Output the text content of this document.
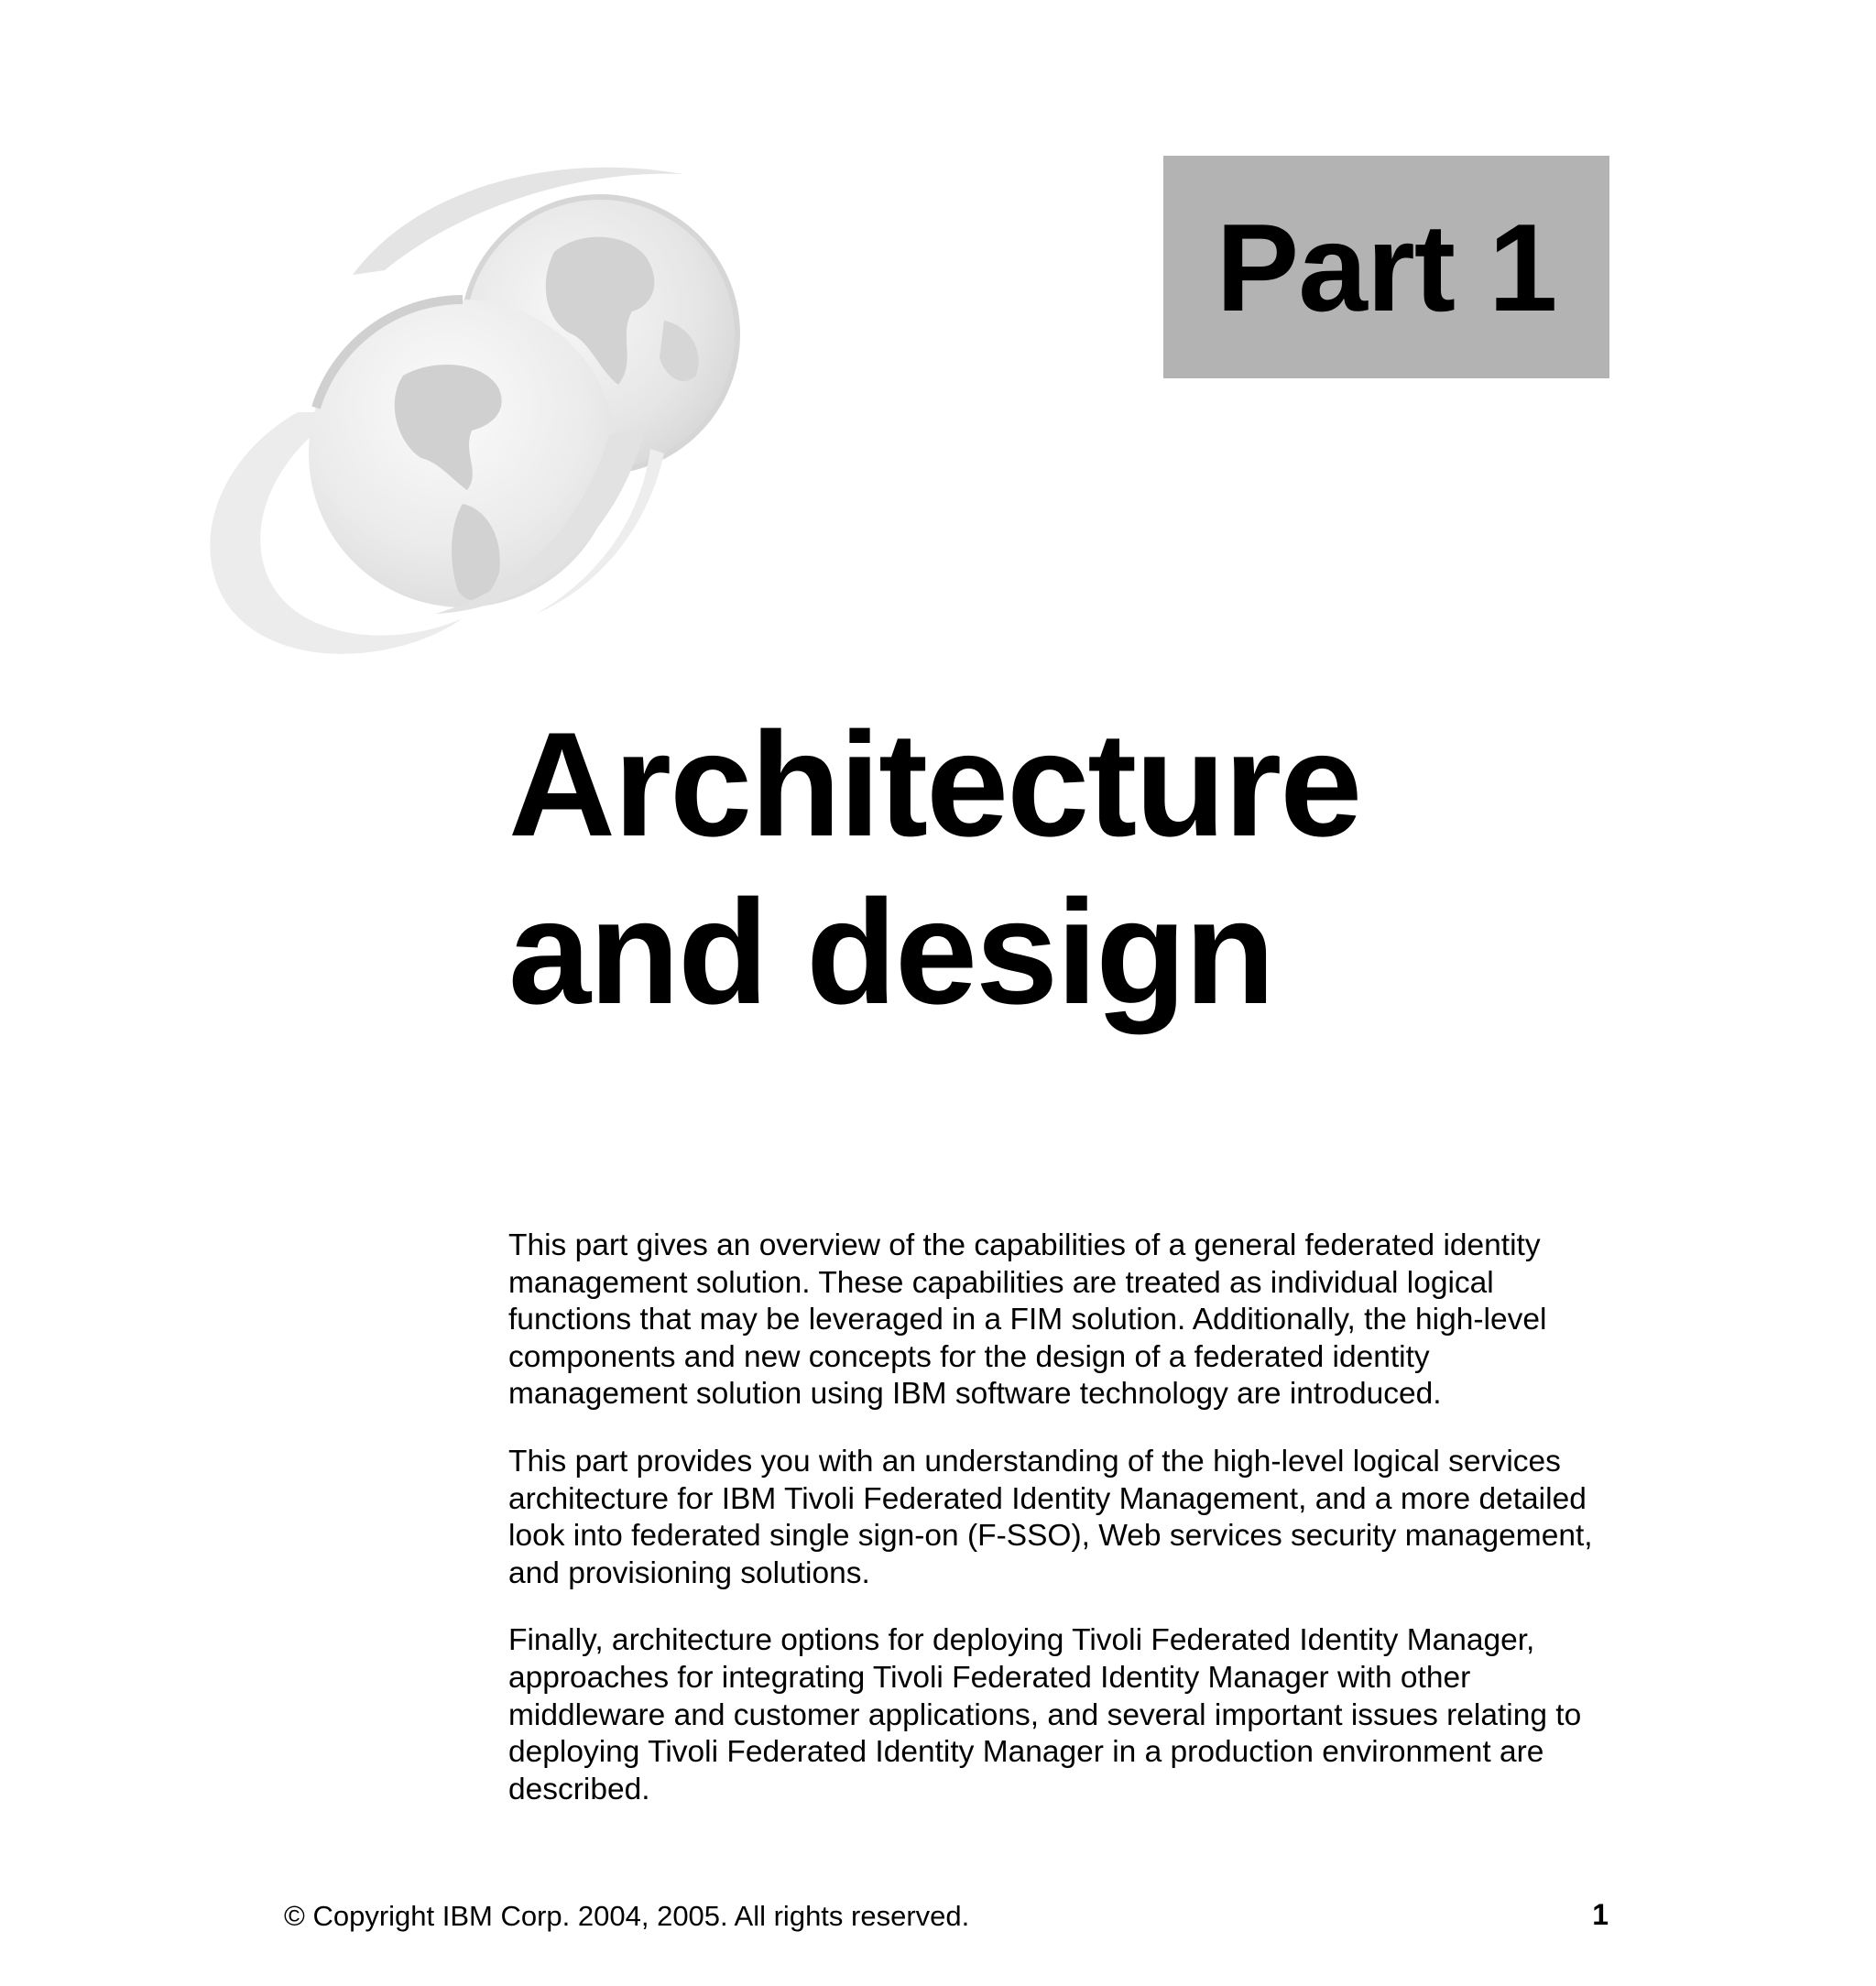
Part 1
Architecture
and design

This part gives an overview of the capabilities of a general federated identity management solution. These capabilities are treated as individual logical functions that may be leveraged in a FIM solution. Additionally, the high-level components and new concepts for the design of a federated identity management solution using IBM software technology are introduced.

This part provides you with an understanding of the high-level logical services architecture for IBM Tivoli Federated Identity Management, and a more detailed look into federated single sign-on (F-SSO), Web services security management, and provisioning solutions.

Finally, architecture options for deploying Tivoli Federated Identity Manager, approaches for integrating Tivoli Federated Identity Manager with other middleware and customer applications, and several important issues relating to deploying Tivoli Federated Identity Manager in a production environment are described.

© Copyright IBM Corp. 2004, 2005. All rights reserved.	1
